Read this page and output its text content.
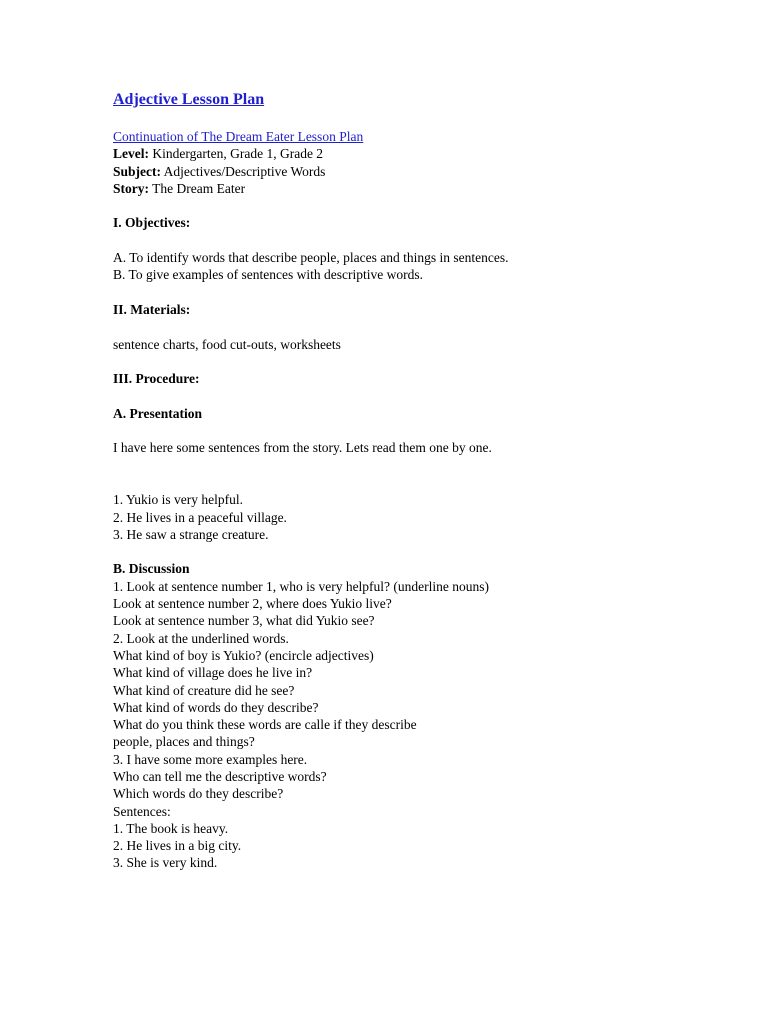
Adjective Lesson Plan
Continuation of The Dream Eater Lesson Plan
Level: Kindergarten, Grade 1, Grade 2
Subject: Adjectives/Descriptive Words
Story: The Dream Eater
I. Objectives:
A. To identify words that describe people, places and things in sentences.
B. To give examples of sentences with descriptive words.
II. Materials:
sentence charts, food cut-outs, worksheets
III. Procedure:
A. Presentation
I have here some sentences from the story. Lets read them one by one.
1. Yukio is very helpful.
2. He lives in a peaceful village.
3. He saw a strange creature.
B. Discussion
1. Look at sentence number 1, who is very helpful? (underline nouns)
Look at sentence number 2, where does Yukio live?
Look at sentence number 3, what did Yukio see?
2. Look at the underlined words.
What kind of boy is Yukio? (encircle adjectives)
What kind of village does he live in?
What kind of creature did he see?
What kind of words do they describe?
What do you think these words are calle if they describe
people, places and things?
3. I have some more examples here.
Who can tell me the descriptive words?
Which words do they describe?
Sentences:
1. The book is heavy.
2. He lives in a big city.
3. She is very kind.
